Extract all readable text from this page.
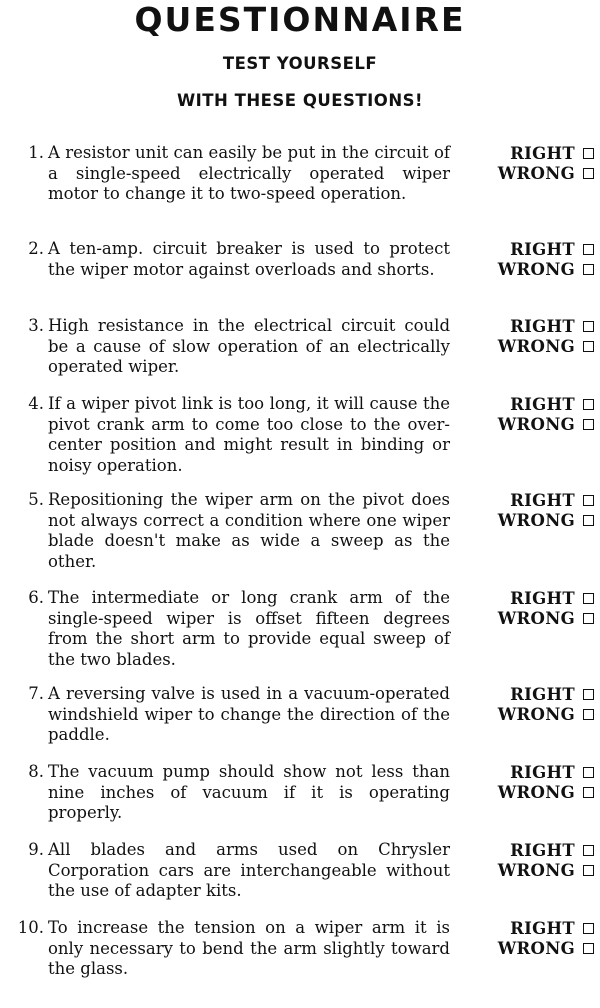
QUESTIONNAIRE
TEST YOURSELF
WITH THESE QUESTIONS!
1. A resistor unit can easily be put in the circuit of a single-speed electrically operated wiper motor to change it to two-speed operation.

RIGHT
WRONG
2. A ten-amp. circuit breaker is used to protect the wiper motor against overloads and shorts.

RIGHT
WRONG
3. High resistance in the electrical circuit could be a cause of slow operation of an electrically operated wiper.

RIGHT
WRONG
4. If a wiper pivot link is too long, it will cause the pivot crank arm to come too close to the over-center position and might result in binding or noisy operation.

RIGHT
WRONG
5. Repositioning the wiper arm on the pivot does not always correct a condition where one wiper blade doesn't make as wide a sweep as the other.

RIGHT
WRONG
6. The intermediate or long crank arm of the single-speed wiper is offset fifteen degrees from the short arm to provide equal sweep of the two blades.

RIGHT
WRONG
7. A reversing valve is used in a vacuum-operated windshield wiper to change the direction of the paddle.

RIGHT
WRONG
8. The vacuum pump should show not less than nine inches of vacuum if it is operating properly.

RIGHT
WRONG
9. All blades and arms used on Chrysler Corporation cars are interchangeable without the use of adapter kits.

RIGHT
WRONG
10. To increase the tension on a wiper arm it is only necessary to bend the arm slightly toward the glass.

RIGHT
WRONG
